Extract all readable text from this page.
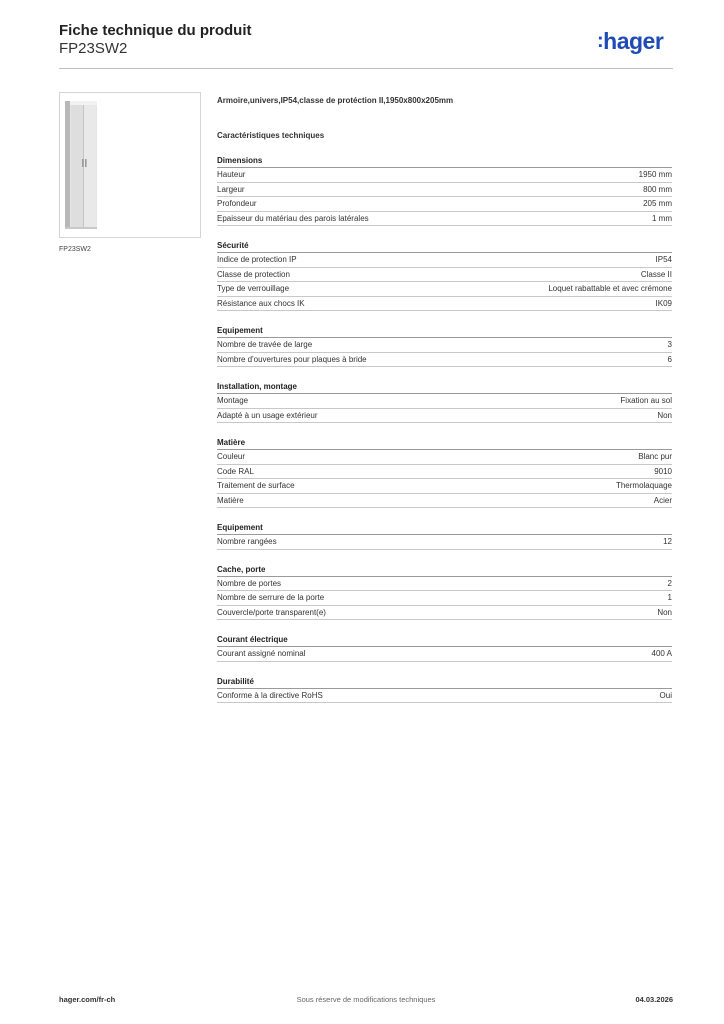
Fiche technique du produit
FP23SW2	:hager
FP23SW2
Armoire,univers,IP54,classe de protéction II,1950x800x205mm
Caractéristiques techniques
Dimensions
Hauteur	1950 mm
Largeur	800 mm
Profondeur	205 mm
Epaisseur du matériau des parois latérales	1 mm
Sécurité
Indice de protection IP	IP54
Classe de protection	Classe II
Type de verrouillage	Loquet rabattable et avec crémone
Résistance aux chocs IK	IK09
Equipement
Nombre de travée de large	3
Nombre d'ouvertures pour plaques à bride	6
Installation, montage
Montage	Fixation au sol
Adapté à un usage extérieur	Non
Matière
Couleur	Blanc pur
Code RAL	9010
Traitement de surface	Thermolaquage
Matière	Acier
Equipement
Nombre rangées	12
Cache, porte
Nombre de portes	2
Nombre de serrure de la porte	1
Couvercle/porte transparent(e)	Non
Courant électrique
Courant assigné nominal	400 A
Durabilité
Conforme à la directive RoHS	Oui
hager.com/fr-ch	Sous réserve de modifications techniques	04.03.2026
